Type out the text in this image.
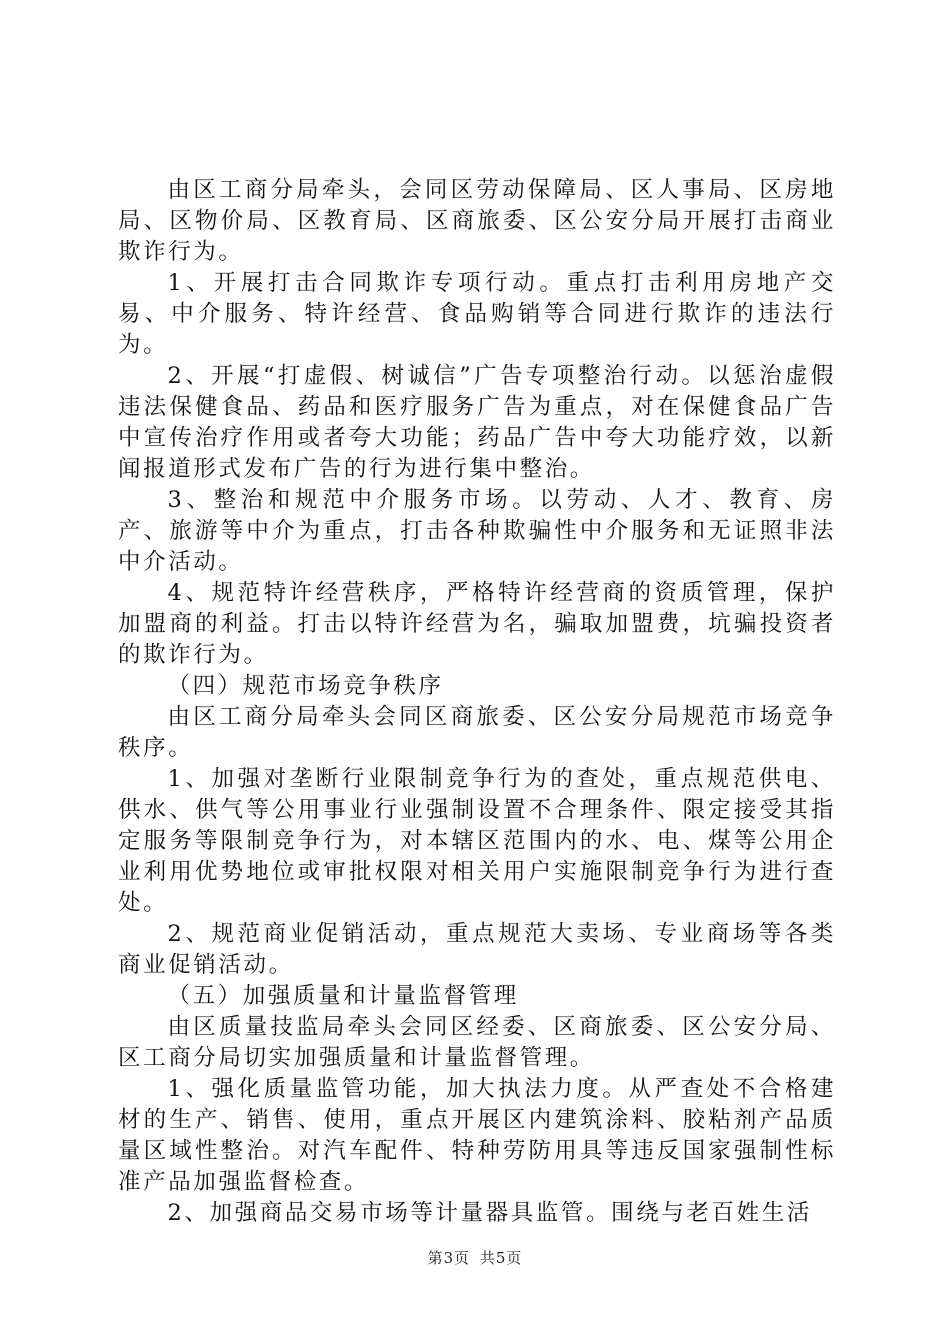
由区工商分局牵头，会同区劳动保障局、区人事局、区房地局、区物价局、区教育局、区商旅委、区公安分局开展打击商业欺诈行为。

1、开展打击合同欺诈专项行动。重点打击利用房地产交易、中介服务、特许经营、食品购销等合同进行欺诈的违法行为。

2、开展“打虚假、树诚信”广告专项整治行动。以惩治虚假违法保健食品、药品和医疗服务广告为重点，对在保健食品广告中宣传治疗作用或者夸大功能；药品广告中夸大功能疗效，以新闻报道形式发布广告的行为进行集中整治。

3、整治和规范中介服务市场。以劳动、人才、教育、房产、旅游等中介为重点，打击各种欺骗性中介服务和无证照非法中介活动。

4、规范特许经营秩序，严格特许经营商的资质管理，保护加盟商的利益。打击以特许经营为名，骗取加盟费，坑骗投资者的欺诈行为。

（四）规范市场竞争秩序

由区工商分局牵头会同区商旅委、区公安分局规范市场竞争秩序。

1、加强对垄断行业限制竞争行为的查处，重点规范供电、供水、供气等公用事业行业强制设置不合理条件、限定接受其指定服务等限制竞争行为，对本辖区范围内的水、电、煤等公用企业利用优势地位或审批权限对相关用户实施限制竞争行为进行查处。

2、规范商业促销活动，重点规范大卖场、专业商场等各类商业促销活动。

（五）加强质量和计量监督管理

由区质量技监局牵头会同区经委、区商旅委、区公安分局、区工商分局切实加强质量和计量监督管理。

1、强化质量监管功能，加大执法力度。从严查处不合格建材的生产、销售、使用，重点开展区内建筑涂料、胶粘剂产品质量区域性整治。对汽车配件、特种劳防用具等违反国家强制性标准产品加强监督检查。

2、加强商品交易市场等计量器具监管。围绕与老百姓生活

第3页 共5页
